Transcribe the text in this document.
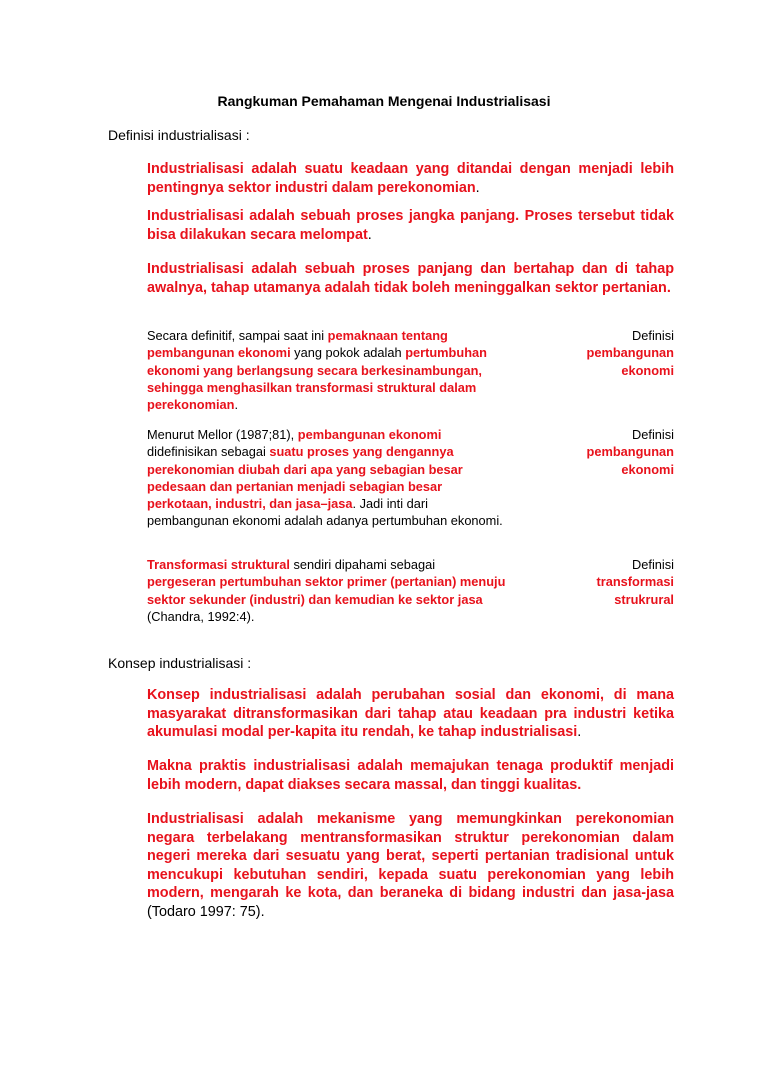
Rangkuman Pemahaman Mengenai Industrialisasi
Definisi industrialisasi :
Industrialisasi adalah suatu keadaan yang ditandai dengan menjadi lebih pentingnya sektor industri dalam perekonomian.
Industrialisasi adalah sebuah proses jangka panjang. Proses tersebut tidak bisa dilakukan secara melompat.
Industrialisasi adalah sebuah proses panjang dan bertahap dan di tahap awalnya, tahap utamanya adalah tidak boleh meninggalkan sektor pertanian.
Secara definitif, sampai saat ini pemaknaan tentang pembangunan ekonomi yang pokok adalah pertumbuhan ekonomi yang berlangsung secara berkesinambungan, sehingga menghasilkan transformasi struktural dalam perekonomian.
Definisi
pembangunan
ekonomi
Menurut Mellor (1987;81), pembangunan ekonomi didefinisikan sebagai suatu proses yang dengannya perekonomian diubah dari apa yang sebagian besar pedesaan dan pertanian menjadi sebagian besar perkotaan, industri, dan jasa–jasa. Jadi inti dari pembangunan ekonomi adalah adanya pertumbuhan ekonomi.
Definisi
pembangunan
ekonomi
Transformasi struktural sendiri dipahami sebagai pergeseran pertumbuhan sektor primer (pertanian) menuju sektor sekunder (industri) dan kemudian ke sektor jasa (Chandra, 1992:4).
Definisi
transformasi
strukrural
Konsep industrialisasi :
Konsep industrialisasi adalah perubahan sosial dan ekonomi, di mana masyarakat ditransformasikan dari tahap atau keadaan pra industri ketika akumulasi modal per-kapita itu rendah, ke tahap industrialisasi.
Makna praktis industrialisasi adalah memajukan tenaga produktif menjadi lebih modern, dapat diakses secara massal, dan tinggi kualitas.
Industrialisasi adalah mekanisme yang memungkinkan perekonomian negara terbelakang mentransformasikan struktur perekonomian dalam negeri mereka dari sesuatu yang berat, seperti pertanian tradisional untuk mencukupi kebutuhan sendiri, kepada suatu perekonomian yang lebih modern, mengarah ke kota, dan beraneka di bidang industri dan jasa-jasa (Todaro 1997: 75).
